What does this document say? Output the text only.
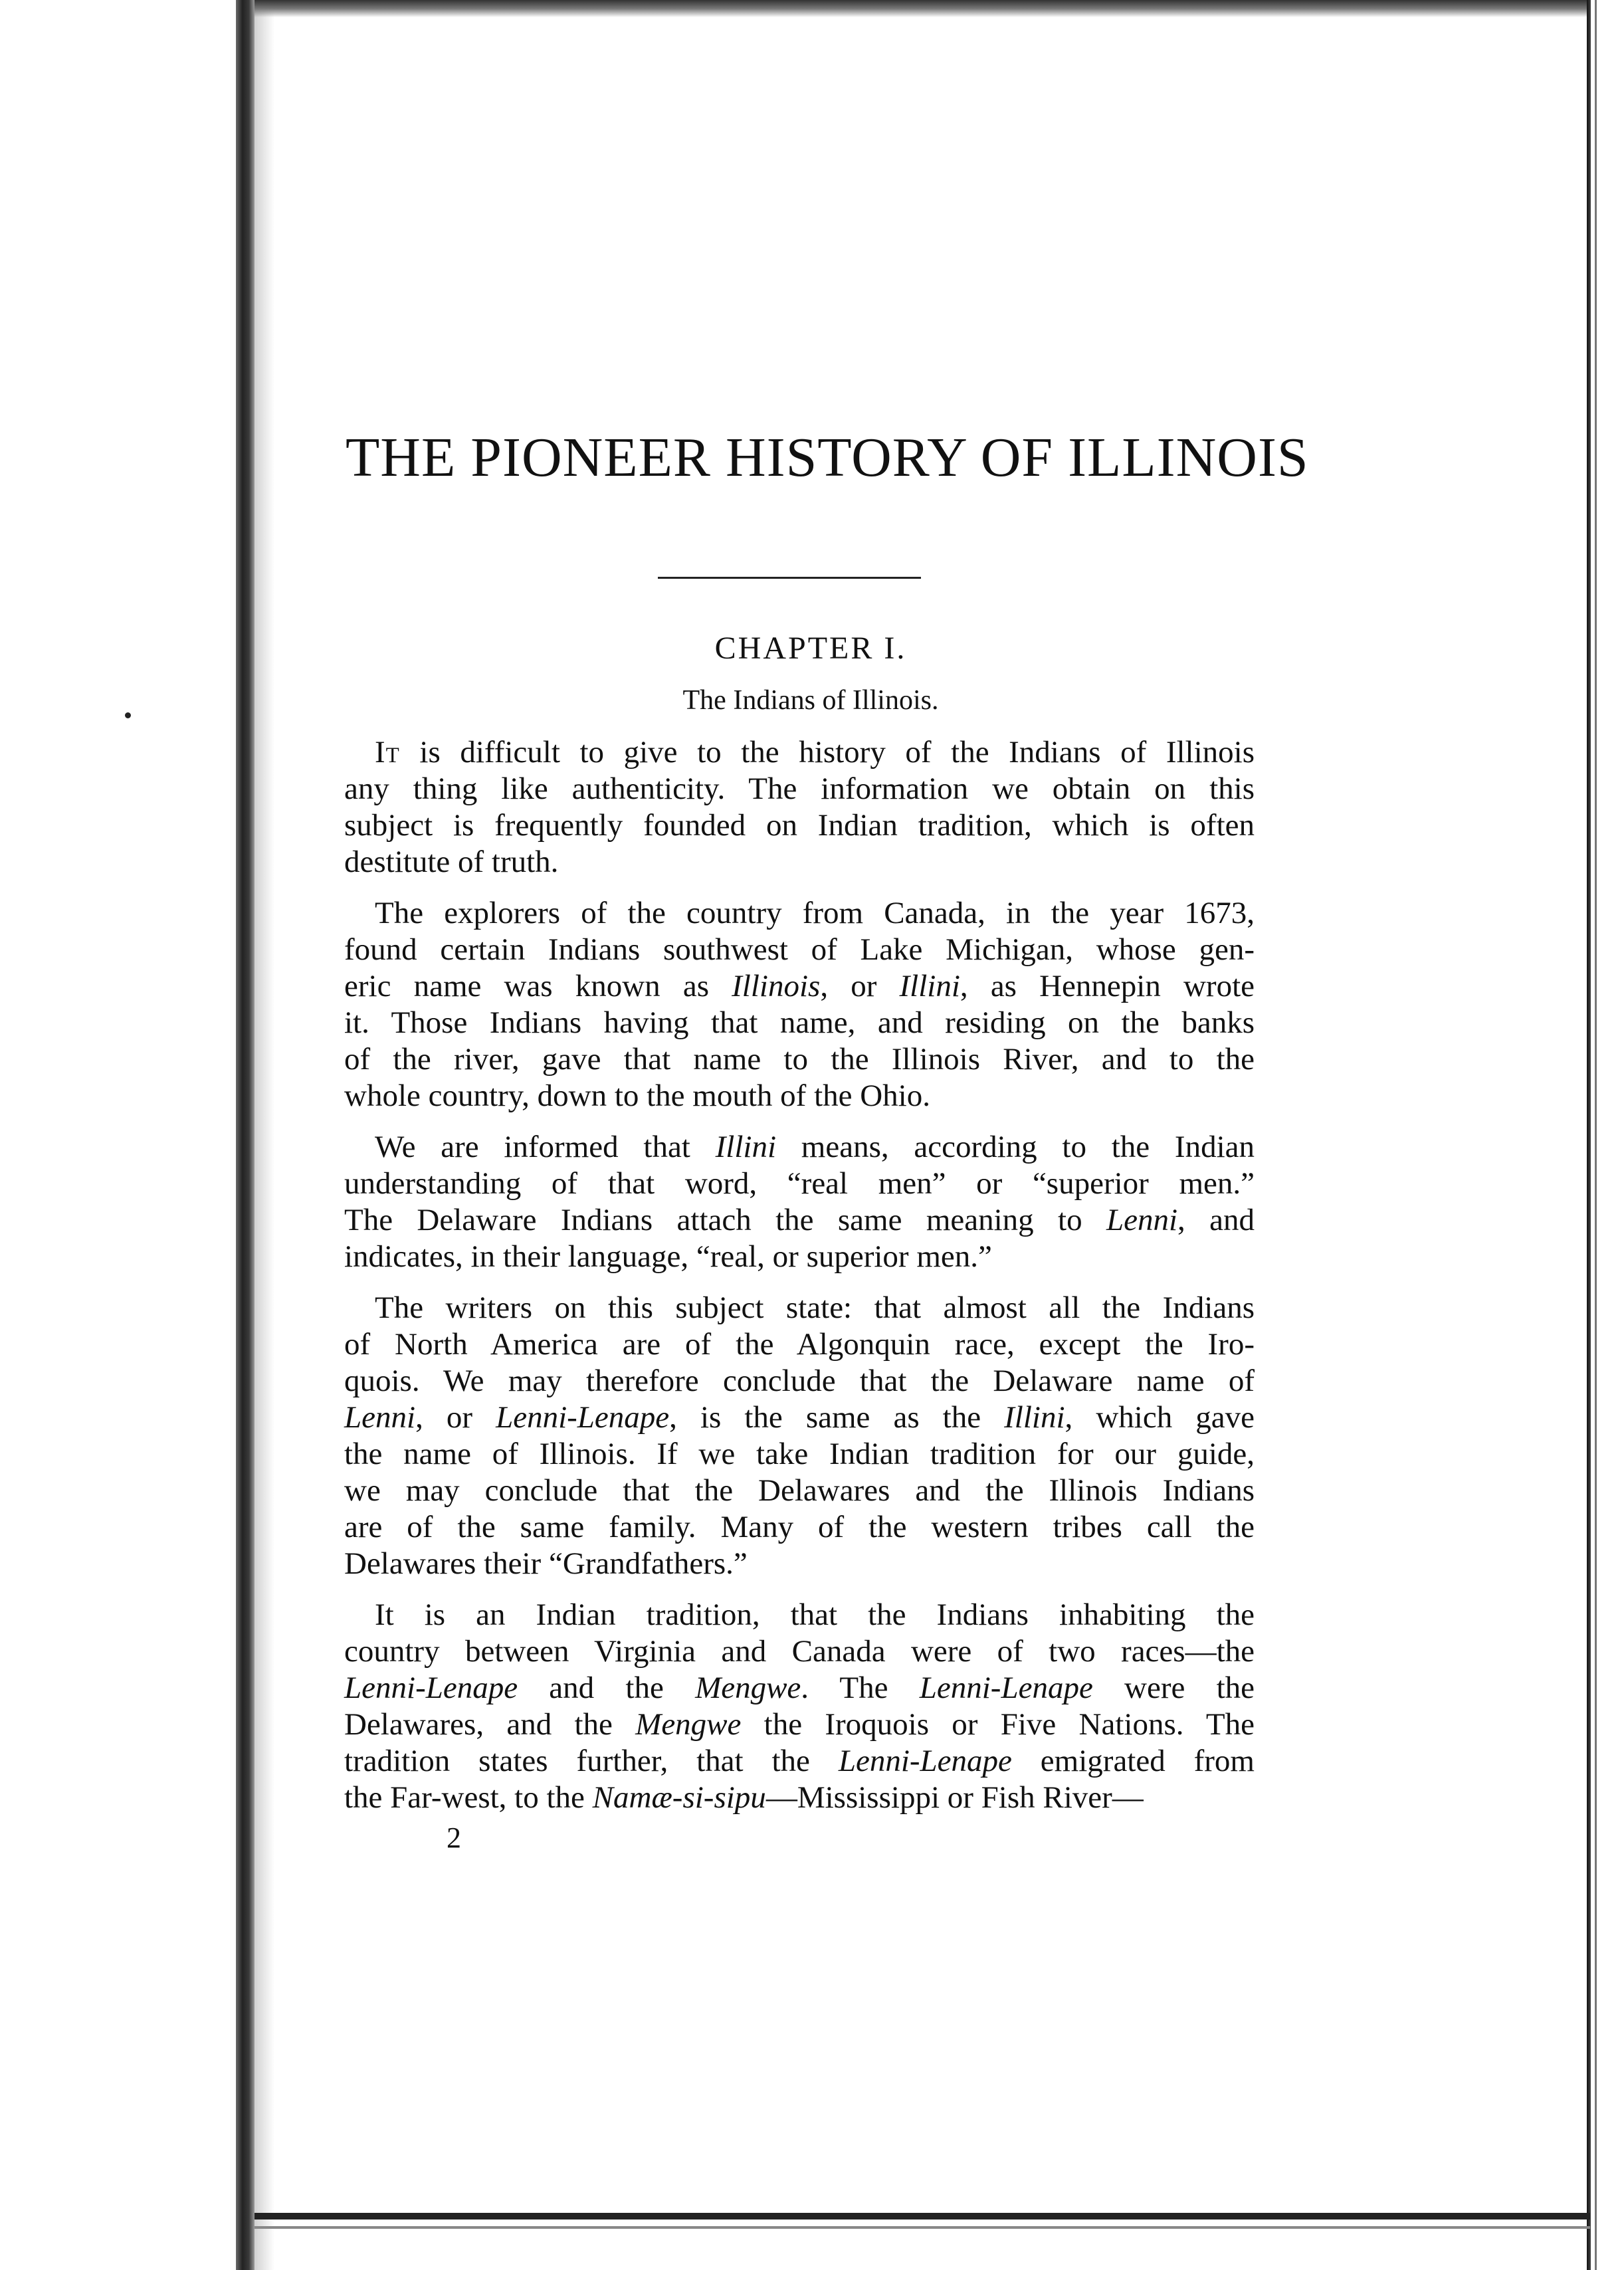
THE PIONEER HISTORY OF ILLINOIS
CHAPTER I.
The Indians of Illinois.
It is difficult to give to the history of the Indians of Illinois
any thing like authenticity. The information we obtain on this
subject is frequently founded on Indian tradition, which is often
destitute of truth.
The explorers of the country from Canada, in the year 1673,
found certain Indians southwest of Lake Michigan, whose gen-
eric name was known as Illinois, or Illini, as Hennepin wrote
it. Those Indians having that name, and residing on the banks
of the river, gave that name to the Illinois River, and to the
whole country, down to the mouth of the Ohio.
We are informed that Illini means, according to the Indian
understanding of that word, “real men” or “superior men.”
The Delaware Indians attach the same meaning to Lenni, and
indicates, in their language, “real, or superior men.”
The writers on this subject state: that almost all the Indians
of North America are of the Algonquin race, except the Iro-
quois. We may therefore conclude that the Delaware name of
Lenni, or Lenni-Lenape, is the same as the Illini, which gave
the name of Illinois. If we take Indian tradition for our guide,
we may conclude that the Delawares and the Illinois Indians
are of the same family. Many of the western tribes call the
Delawares their “Grandfathers.”
It is an Indian tradition, that the Indians inhabiting the
country between Virginia and Canada were of two races—the
Lenni-Lenape and the Mengwe. The Lenni-Lenape were the
Delawares, and the Mengwe the Iroquois or Five Nations. The
tradition states further, that the Lenni-Lenape emigrated from
the Far-west, to the Namæ-si-sipu—Mississippi or Fish River—
2
